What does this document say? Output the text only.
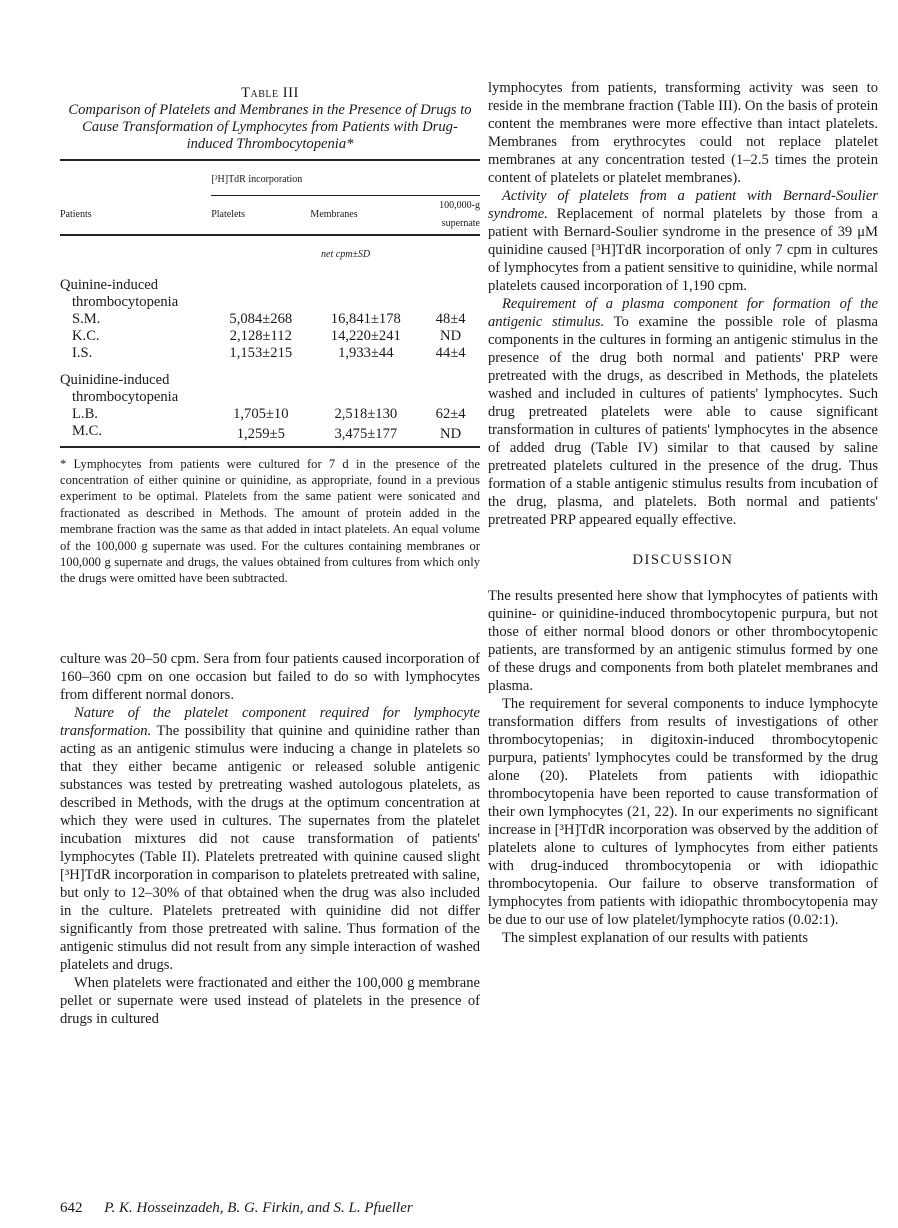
Table III
Comparison of Platelets and Membranes in the Presence of Drugs to Cause Transformation of Lymphocytes from Patients with Drug-induced Thrombocytopenia*
	[³H]TdR incorporation		
Patients	Platelets	Membranes	100,000-g supernate
	net cpm±SD		
Quinine-induced			
thrombocytopenia			
S.M.	5,084±268	16,841±178	48±4
K.C.	2,128±112	14,220±241	ND
I.S.	1,153±215	1,933±44	44±4
Quinidine-induced			
thrombocytopenia			
L.B.	1,705±10	2,518±130	62±4
M.C.	1,259±5	3,475±177	ND
* Lymphocytes from patients were cultured for 7 d in the presence of the concentration of either quinine or quinidine, as appropriate, found in a previous experiment to be optimal. Platelets from the same patient were sonicated and fractionated as described in Methods. The amount of protein added in the membrane fraction was the same as that added in intact platelets. An equal volume of the 100,000 g supernate was used. For the cultures containing membranes or 100,000 g supernate and drugs, the values obtained from cultures from which only the drugs were omitted have been subtracted.

culture was 20–50 cpm. Sera from four patients caused incorporation of 160–360 cpm on one occasion but failed to do so with lymphocytes from different normal donors.

Nature of the platelet component required for lymphocyte transformation. The possibility that quinine and quinidine rather than acting as an antigenic stimulus were inducing a change in platelets so that they either became antigenic or released soluble antigenic substances was tested by pretreating washed autologous platelets, as described in Methods, with the drugs at the optimum concentration at which they were used in cultures. The supernates from the platelet incubation mixtures did not cause transformation of patients' lymphocytes (Table II). Platelets pretreated with quinine caused slight [³H]TdR incorporation in comparison to platelets pretreated with saline, but only to 12–30% of that obtained when the drug was also included in the culture. Platelets pretreated with quinidine did not differ significantly from those pretreated with saline. Thus formation of the antigenic stimulus did not result from any simple interaction of washed platelets and drugs.

When platelets were fractionated and either the 100,000 g membrane pellet or supernate were used instead of platelets in the presence of drugs in cultured

lymphocytes from patients, transforming activity was seen to reside in the membrane fraction (Table III). On the basis of protein content the membranes were more effective than intact platelets. Membranes from erythrocytes could not replace platelet membranes at any concentration tested (1–2.5 times the protein content of platelets or platelet membranes).

Activity of platelets from a patient with Bernard-Soulier syndrome. Replacement of normal platelets by those from a patient with Bernard-Soulier syndrome in the presence of 39 μM quinidine caused [³H]TdR incorporation of only 7 cpm in cultures of lymphocytes from a patient sensitive to quinidine, while normal platelets caused incorporation of 1,190 cpm.

Requirement of a plasma component for formation of the antigenic stimulus. To examine the possible role of plasma components in the cultures in forming an antigenic stimulus in the presence of the drug both normal and patients' PRP were pretreated with the drugs, as described in Methods, the platelets washed and included in cultures of patients' lymphocytes. Such drug pretreated platelets were able to cause significant transformation in cultures of patients' lymphocytes in the absence of added drug (Table IV) similar to that caused by saline pretreated platelets cultured in the presence of the drug. Thus formation of a stable antigenic stimulus results from incubation of the drug, plasma, and platelets. Both normal and patients' pretreated PRP appeared equally effective.

DISCUSSION

The results presented here show that lymphocytes of patients with quinine- or quinidine-induced thrombocytopenic purpura, but not those of either normal blood donors or other thrombocytopenic patients, are transformed by an antigenic stimulus formed by one of these drugs and components from both platelet membranes and plasma.

The requirement for several components to induce lymphocyte transformation differs from results of investigations of other thrombocytopenias; in digitoxin-induced thrombocytopenic purpura, patients' lymphocytes could be transformed by the drug alone (20). Platelets from patients with idiopathic thrombocytopenia have been reported to cause transformation of their own lymphocytes (21, 22). In our experiments no significant increase in [³H]TdR incorporation was observed by the addition of platelets alone to cultures of lymphocytes from either patients with drug-induced thrombocytopenia or with idiopathic thrombocytopenia. Our failure to observe transformation of lymphocytes from patients with idiopathic thrombocytopenia may be due to our use of low platelet/lymphocyte ratios (0.02:1).

The simplest explanation of our results with patients

642 P. K. Hosseinzadeh, B. G. Firkin, and S. L. Pfueller
